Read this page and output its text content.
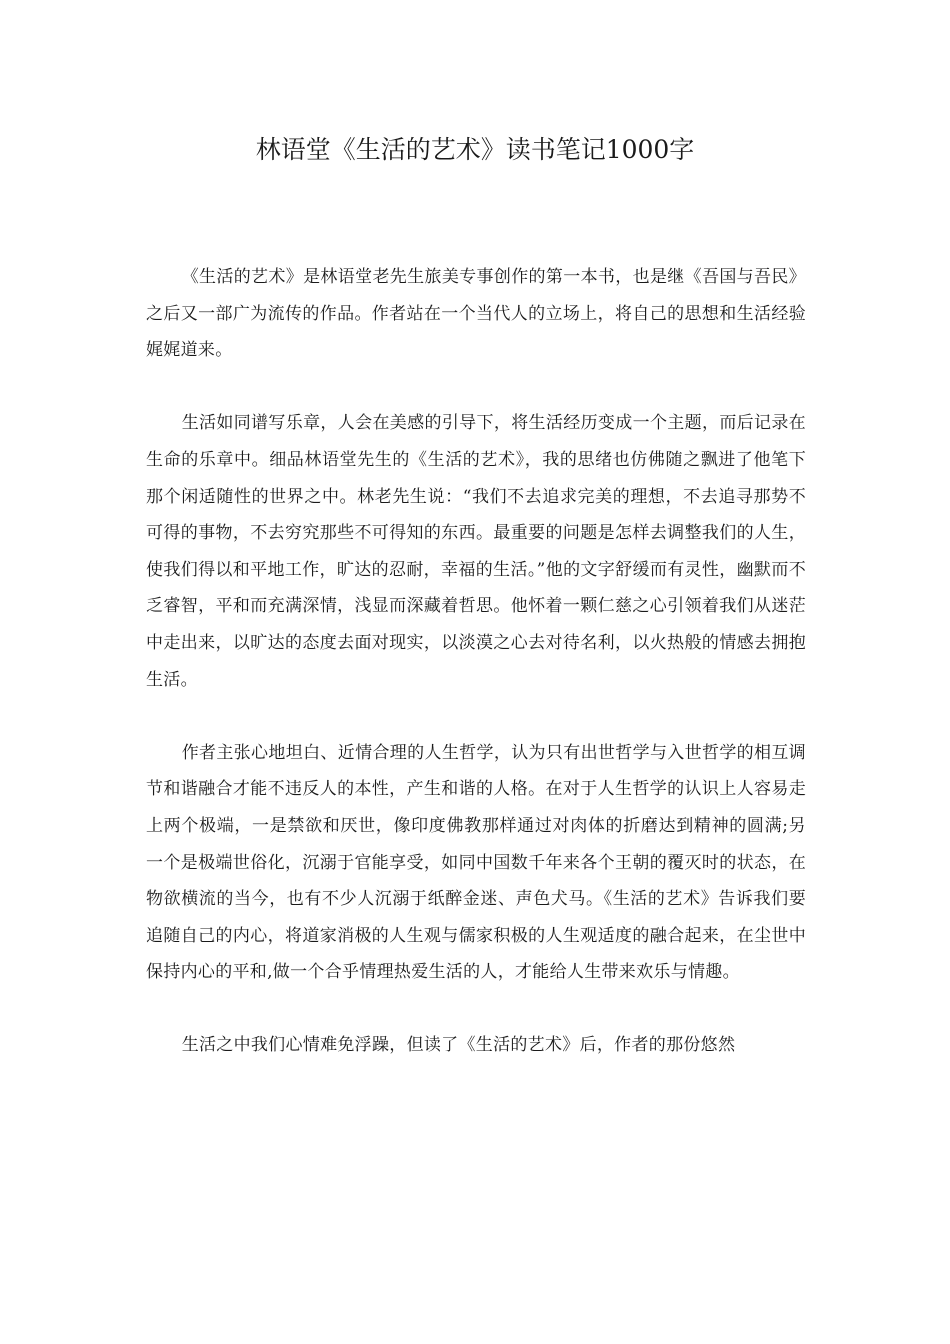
林语堂《生活的艺术》读书笔记1000字

《生活的艺术》是林语堂老先生旅美专事创作的第一本书，也是继《吾国与吾民》之后又一部广为流传的作品。作者站在一个当代人的立场上，将自己的思想和生活经验娓娓道来。

生活如同谱写乐章，人会在美感的引导下，将生活经历变成一个主题，而后记录在生命的乐章中。细品林语堂先生的《生活的艺术》，我的思绪也仿佛随之飘进了他笔下那个闲适随性的世界之中。林老先生说：“我们不去追求完美的理想，不去追寻那势不可得的事物，不去穷究那些不可得知的东西。最重要的问题是怎样去调整我们的人生，使我们得以和平地工作，旷达的忍耐，幸福的生活。”他的文字舒缓而有灵性，幽默而不乏睿智，平和而充满深情，浅显而深藏着哲思。他怀着一颗仁慈之心引领着我们从迷茫中走出来，以旷达的态度去面对现实，以淡漠之心去对待名利，以火热般的情感去拥抱生活。

作者主张心地坦白、近情合理的人生哲学，认为只有出世哲学与入世哲学的相互调节和谐融合才能不违反人的本性，产生和谐的人格。在对于人生哲学的认识上人容易走上两个极端，一是禁欲和厌世，像印度佛教那样通过对肉体的折磨达到精神的圆满;另一个是极端世俗化，沉溺于官能享受，如同中国数千年来各个王朝的覆灭时的状态，在物欲横流的当今，也有不少人沉溺于纸醉金迷、声色犬马。《生活的艺术》告诉我们要追随自己的内心，将道家消极的人生观与儒家积极的人生观适度的融合起来，在尘世中保持内心的平和,做一个合乎情理热爱生活的人，才能给人生带来欢乐与情趣。

生活之中我们心情难免浮躁，但读了《生活的艺术》后，作者的那份悠然
